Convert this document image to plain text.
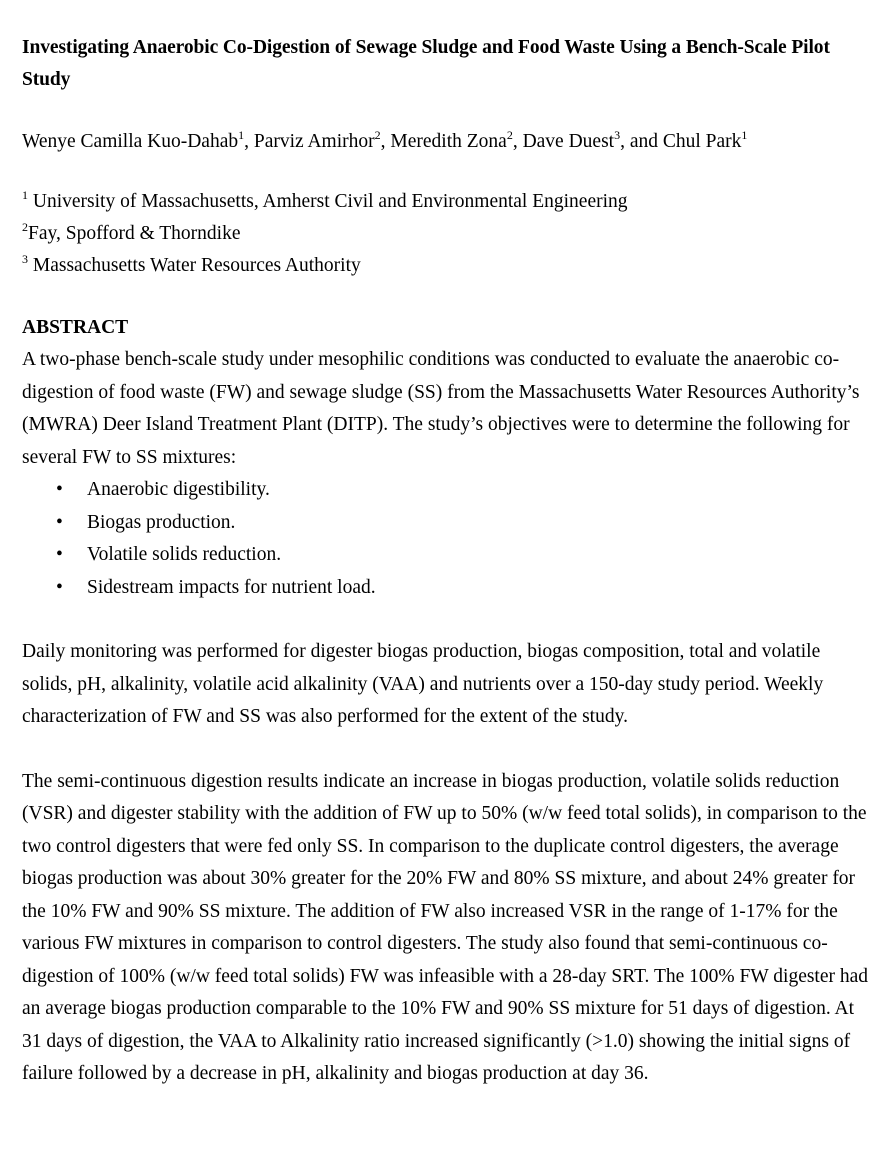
Investigating Anaerobic Co-Digestion of Sewage Sludge and Food Waste Using a Bench-Scale Pilot Study
Wenye Camilla Kuo-Dahab$^1$, Parviz Amirhor$^2$, Meredith Zona$^2$, Dave Duest$^3$, and Chul Park$^1$
$^1$ University of Massachusetts, Amherst Civil and Environmental Engineering
$^2$Fay, Spofford & Thorndike
$^3$ Massachusetts Water Resources Authority
ABSTRACT

A two-phase bench-scale study under mesophilic conditions was conducted to evaluate the anaerobic co-digestion of food waste (FW) and sewage sludge (SS) from the Massachusetts Water Resources Authority’s (MWRA) Deer Island Treatment Plant (DITP). The study’s objectives were to determine the following for several FW to SS mixtures:

• Anaerobic digestibility.
• Biogas production.
• Volatile solids reduction.
• Sidestream impacts for nutrient load.

Daily monitoring was performed for digester biogas production, biogas composition, total and volatile solids, pH, alkalinity, volatile acid alkalinity (VAA) and nutrients over a 150-day study period. Weekly characterization of FW and SS was also performed for the extent of the study.

The semi-continuous digestion results indicate an increase in biogas production, volatile solids reduction (VSR) and digester stability with the addition of FW up to 50% (w/w feed total solids), in comparison to the two control digesters that were fed only SS. In comparison to the duplicate control digesters, the average biogas production was about 30% greater for the 20% FW and 80% SS mixture, and about 24% greater for the 10% FW and 90% SS mixture. The addition of FW also increased VSR in the range of 1-17% for the various FW mixtures in comparison to control digesters. The study also found that semi-continuous co-digestion of 100% (w/w feed total solids) FW was infeasible with a 28-day SRT. The 100% FW digester had an average biogas production comparable to the 10% FW and 90% SS mixture for 51 days of digestion. At 31 days of digestion, the VAA to Alkalinity ratio increased significantly (>1.0) showing the initial signs of failure followed by a decrease in pH, alkalinity and biogas production at day 36.
